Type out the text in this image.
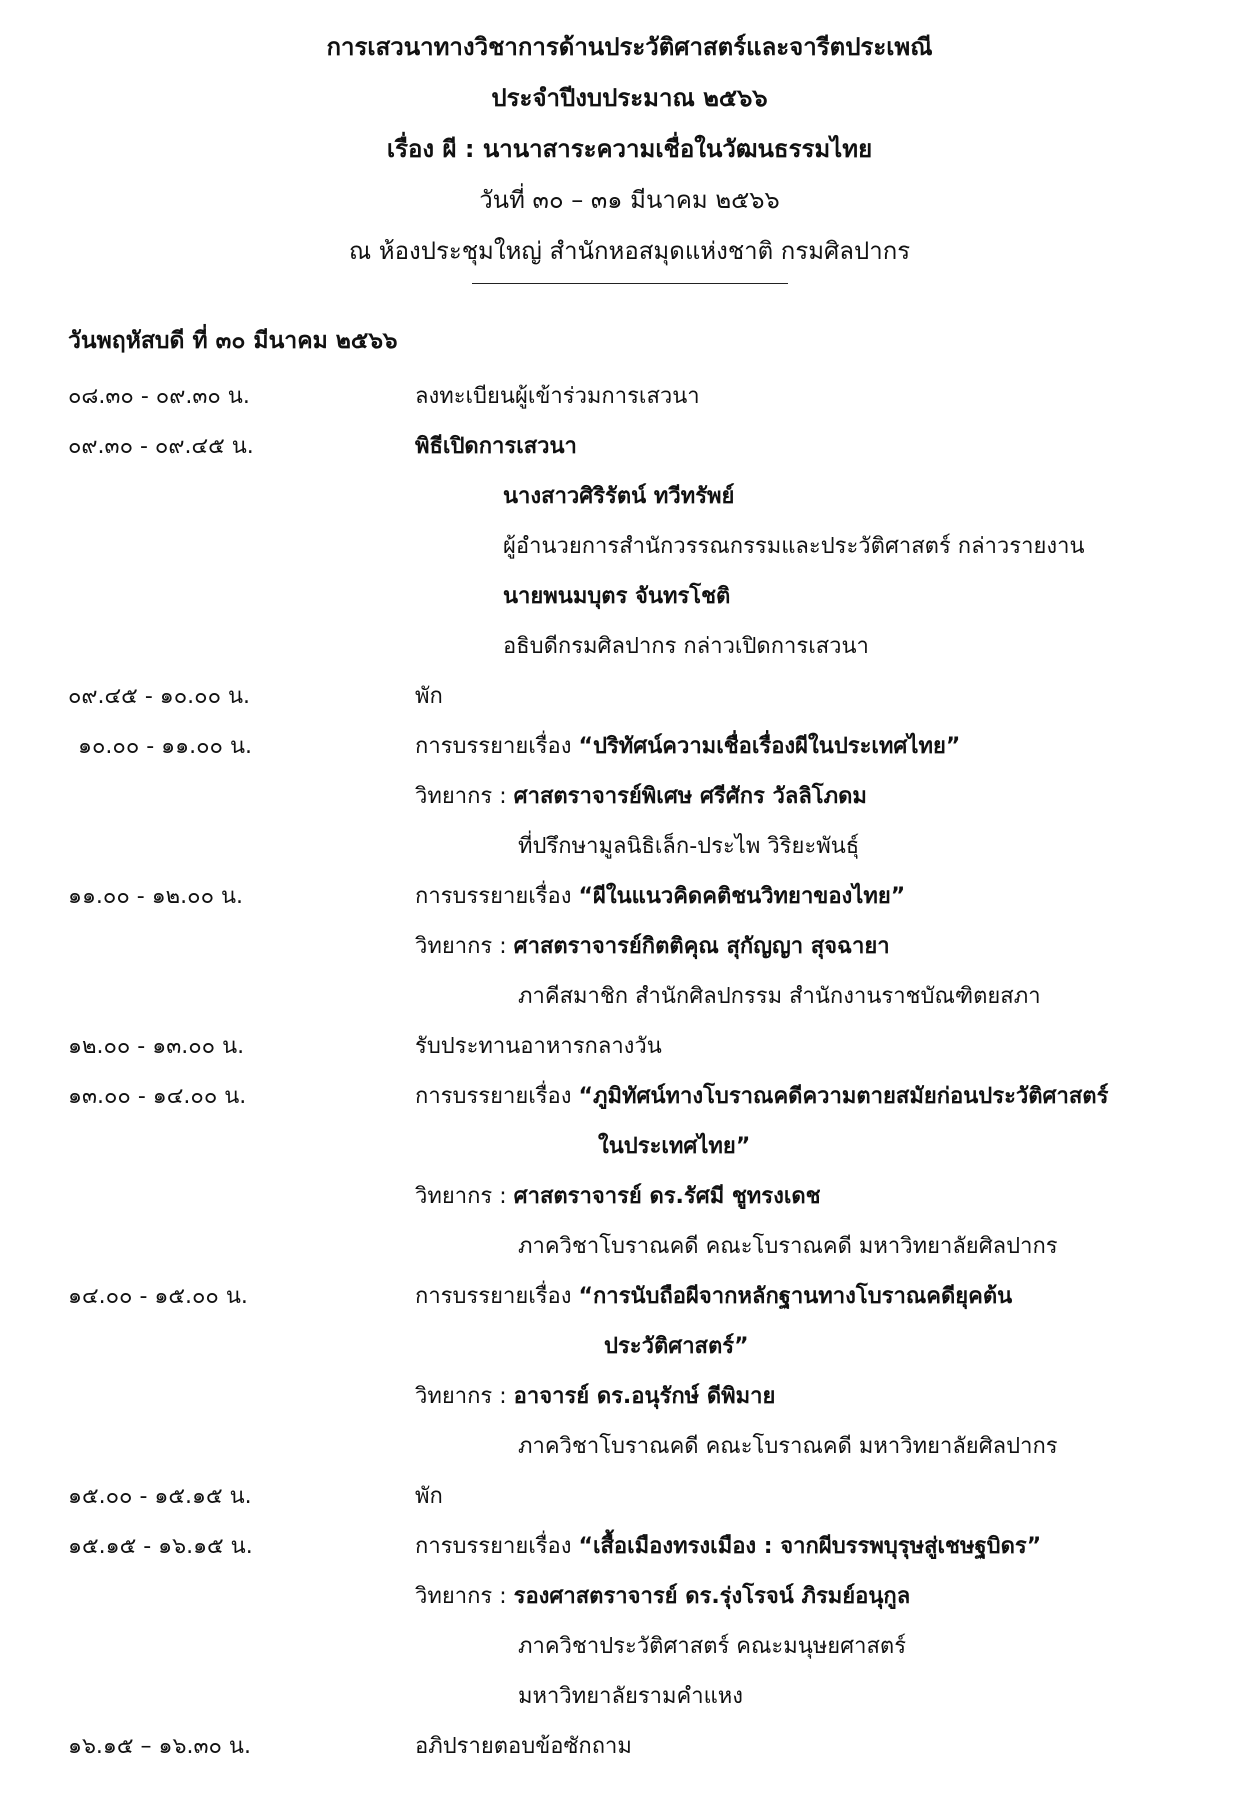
การเสวนาทางวิชาการด้านประวัติศาสตร์และจารีตประเพณี
ประจำปีงบประมาณ ๒๕๖๖
เรื่อง ผี : นานาสาระความเชื่อในวัฒนธรรมไทย
วันที่ ๓๐ – ๓๑ มีนาคม ๒๕๖๖
ณ ห้องประชุมใหญ่ สำนักหอสมุดแห่งชาติ กรมศิลปากร
วันพฤหัสบดี ที่ ๓๐ มีนาคม ๒๕๖๖
๐๘.๓๐ - ๐๙.๓๐ น.	ลงทะเบียนผู้เข้าร่วมการเสวนา
๐๙.๓๐ - ๐๙.๔๕ น.	พิธีเปิดการเสวนา
นางสาวศิริรัตน์ ทวีทรัพย์
ผู้อำนวยการสำนักวรรณกรรมและประวัติศาสตร์ กล่าวรายงาน
นายพนมบุตร จันทรโชติ
อธิบดีกรมศิลปากร กล่าวเปิดการเสวนา
๐๙.๔๕ - ๑๐.๐๐ น.	พัก
๑๐.๐๐ - ๑๑.๐๐ น.	การบรรยายเรื่อง “ปริทัศน์ความเชื่อเรื่องผีในประเทศไทย”
วิทยากร : ศาสตราจารย์พิเศษ ศรีศักร วัลลิโภดม
ที่ปรึกษามูลนิธิเล็ก-ประไพ วิริยะพันธุ์
๑๑.๐๐ - ๑๒.๐๐ น.	การบรรยายเรื่อง “ผีในแนวคิดคติชนวิทยาของไทย”
วิทยากร : ศาสตราจารย์กิตติคุณ สุกัญญา สุจฉายา
ภาคีสมาชิก สำนักศิลปกรรม สำนักงานราชบัณฑิตยสภา
๑๒.๐๐ - ๑๓.๐๐ น.	รับประทานอาหารกลางวัน
๑๓.๐๐ - ๑๔.๐๐ น.	การบรรยายเรื่อง “ภูมิทัศน์ทางโบราณคดีความตายสมัยก่อนประวัติศาสตร์
ในประเทศไทย”
วิทยากร : ศาสตราจารย์ ดร.รัศมี ชูทรงเดช
ภาควิชาโบราณคดี คณะโบราณคดี มหาวิทยาลัยศิลปากร
๑๔.๐๐ - ๑๕.๐๐ น.	การบรรยายเรื่อง “การนับถือผีจากหลักฐานทางโบราณคดียุคต้น
ประวัติศาสตร์”
วิทยากร : อาจารย์ ดร.อนุรักษ์ ดีพิมาย
ภาควิชาโบราณคดี คณะโบราณคดี มหาวิทยาลัยศิลปากร
๑๕.๐๐ - ๑๕.๑๕ น.	พัก
๑๕.๑๕ - ๑๖.๑๕ น.	การบรรยายเรื่อง “เสื้อเมืองทรงเมือง : จากผีบรรพบุรุษสู่เชษฐบิดร”
วิทยากร : รองศาสตราจารย์ ดร.รุ่งโรจน์ ภิรมย์อนุกูล
ภาควิชาประวัติศาสตร์ คณะมนุษยศาสตร์
มหาวิทยาลัยรามคำแหง
๑๖.๑๕ – ๑๖.๓๐ น.	อภิปรายตอบข้อซักถาม
